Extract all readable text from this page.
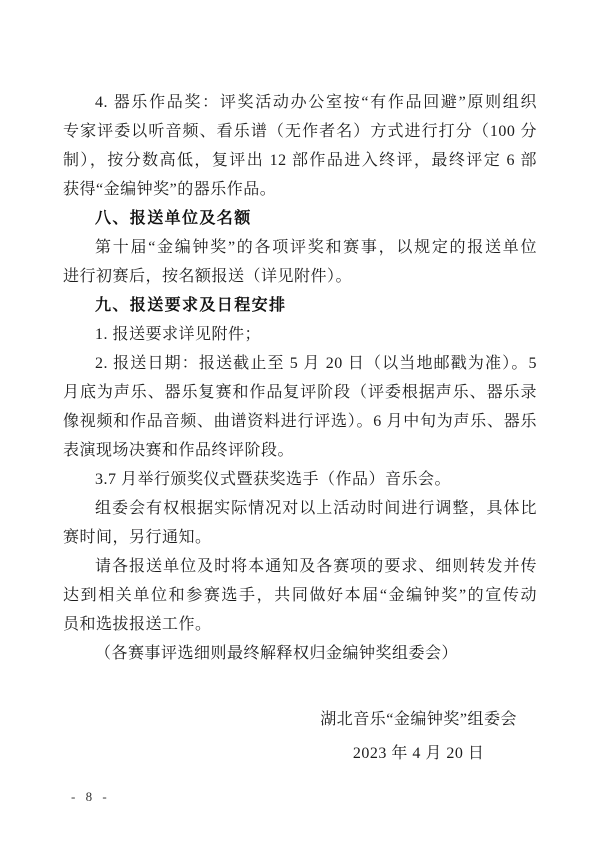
4. 器乐作品奖：评奖活动办公室按“有作品回避”原则组织
专家评委以听音频、看乐谱（无作者名）方式进行打分（100 分
制），按分数高低，复评出 12 部作品进入终评，最终评定 6 部
获得“金编钟奖”的器乐作品。
八、报送单位及名额
第十届“金编钟奖”的各项评奖和赛事，以规定的报送单位
进行初赛后，按名额报送（详见附件）。
九、报送要求及日程安排
1. 报送要求详见附件；
2. 报送日期：报送截止至 5 月 20 日（以当地邮戳为准）。5
月底为声乐、器乐复赛和作品复评阶段（评委根据声乐、器乐录
像视频和作品音频、曲谱资料进行评选）。6 月中旬为声乐、器乐
表演现场决赛和作品终评阶段。
3.7 月举行颁奖仪式暨获奖选手（作品）音乐会。
组委会有权根据实际情况对以上活动时间进行调整，具体比
赛时间，另行通知。
请各报送单位及时将本通知及各赛项的要求、细则转发并传
达到相关单位和参赛选手，共同做好本届“金编钟奖”的宣传动
员和选拔报送工作。
（各赛事评选细则最终解释权归金编钟奖组委会）
湖北音乐“金编钟奖”组委会
2023 年 4 月 20 日
- 8 -
